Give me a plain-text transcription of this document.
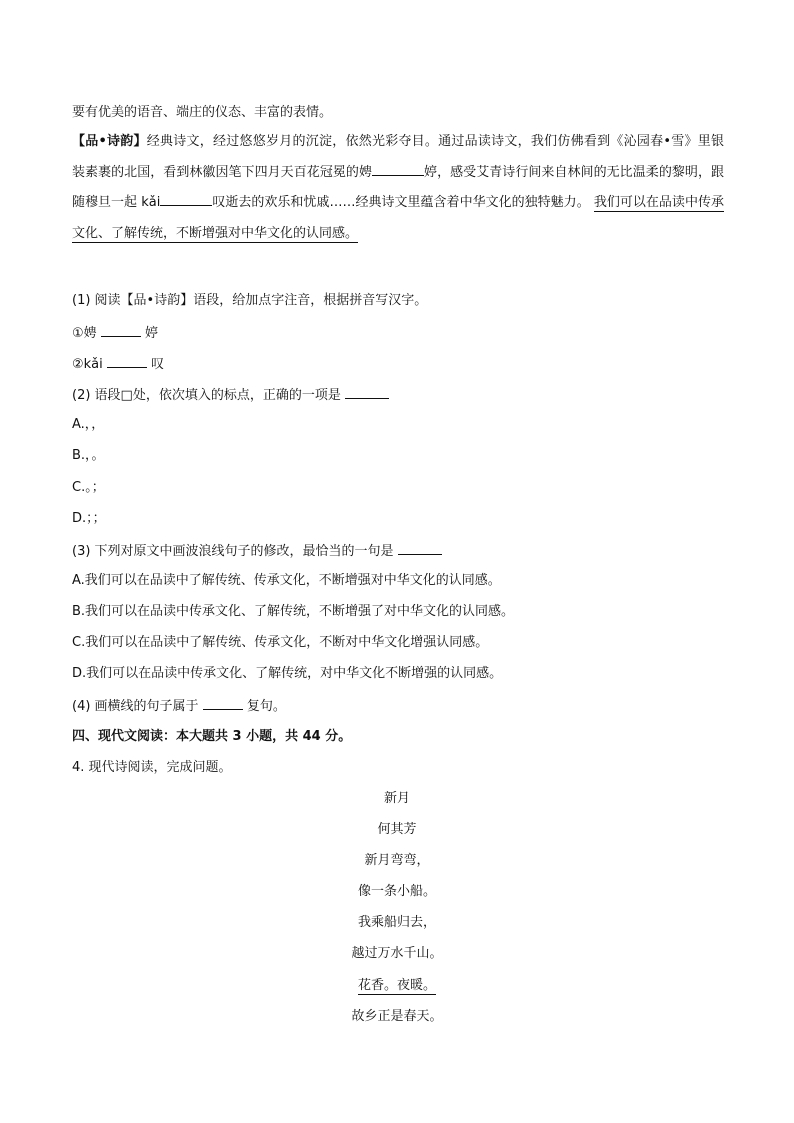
要有优美的语音、端庄的仪态、丰富的表情。
【品•诗韵】经典诗文，经过悠悠岁月的沉淀，依然光彩夺目。通过品读诗文，我们仿佛看到《沁园春•雪》里银装素裹的北国，看到林徽因笔下四月天百花冠冕的娉	婷，感受艾青诗行间来自林间的无比温柔的黎明，跟随穆旦一起 kǎi	叹逝去的欢乐和忧戚……经典诗文里蕴含着中华文化的独特魅力。 我们可以在品读中传承文化、了解传统，不断增强对中华文化的认同感。
(1) 阅读【品•诗韵】语段，给加点字注音，根据拼音写汉字。
①娉	婷
②kǎi	叹
(2) 语段□处，依次填入的标点，正确的一项是
A.，，
B.，。
C.。；
D.；；
(3) 下列对原文中画波浪线句子的修改，最恰当的一句是
A.我们可以在品读中了解传统、传承文化，不断增强对中华文化的认同感。
B.我们可以在品读中传承文化、了解传统，不断增强了对中华文化的认同感。
C.我们可以在品读中了解传统、传承文化，不断对中华文化增强认同感。
D.我们可以在品读中传承文化、了解传统，对中华文化不断增强的认同感。
(4) 画横线的句子属于	复句。
四、现代文阅读：本大题共 3 小题，共 44 分。
4. 现代诗阅读，完成问题。
新月
何其芳
新月弯弯，
像一条小船。
我乘船归去，
越过万水千山。
花香。夜暖。
故乡正是春天。
